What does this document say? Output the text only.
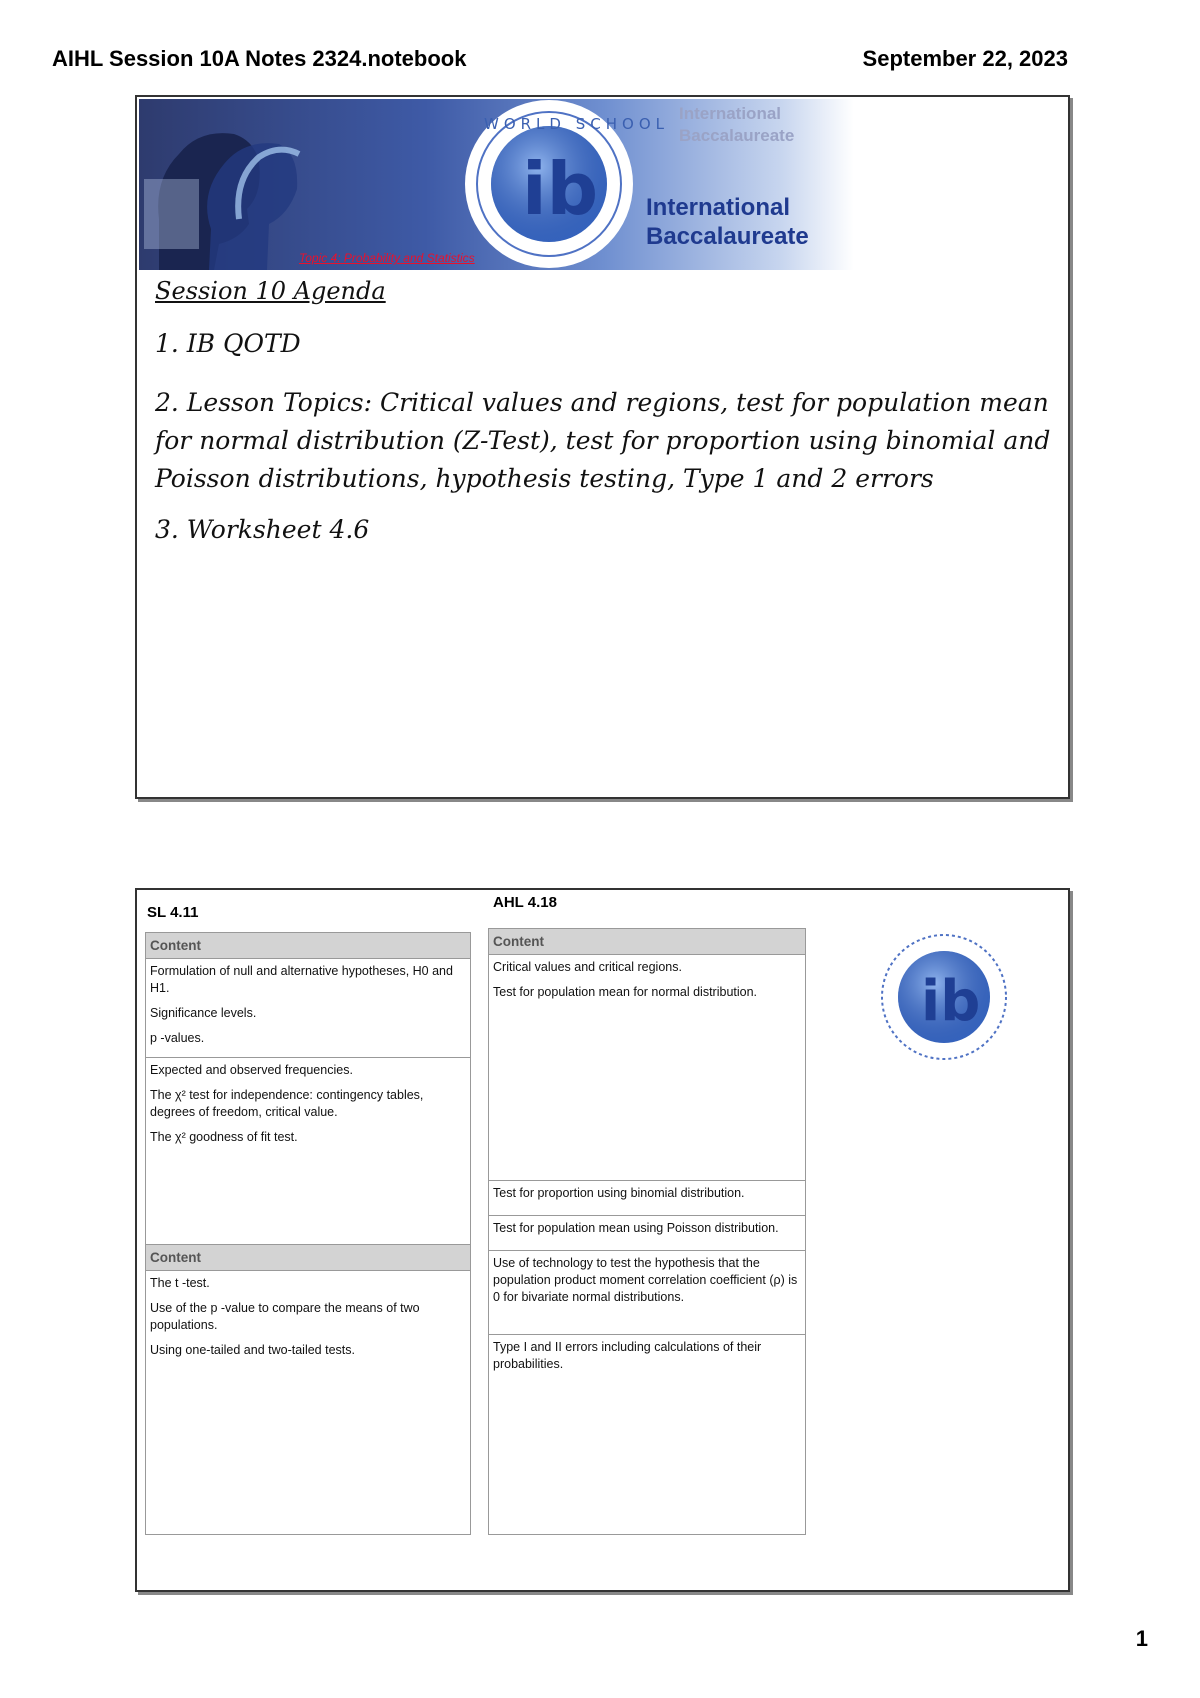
AIHL Session 10A Notes 2324.notebook	September 22, 2023
ib
WORLD SCHOOL
International
Baccalaureate
International
Baccalaureate
Topic 4: Probability and Statistics
Session 10 Agenda
1. IB QOTD
2. Lesson Topics: Critical values and regions, test for population mean for normal distribution (Z-Test), test for proportion using binomial and Poisson distributions, hypothesis testing, Type 1 and 2 errors
3. Worksheet 4.6
SL 4.11
AHL 4.18
Content

Formulation of null and alternative hypotheses, H0 and H1.

Significance levels.

p -values.

Expected and observed frequencies.

The χ² test for independence: contingency tables, degrees of freedom, critical value.

The χ² goodness of fit test.

Content

The t -test.

Use of the p -value to compare the means of two populations.

Using one-tailed and two-tailed tests.

Content

Critical values and critical regions.

Test for population mean for normal distribution.

Test for proportion using binomial distribution.

Test for population mean using Poisson distribution.

Use of technology to test the hypothesis that the population product moment correlation coefficient (ρ) is 0 for bivariate normal distributions.

Type I and II errors including calculations of their probabilities.

ib
1
